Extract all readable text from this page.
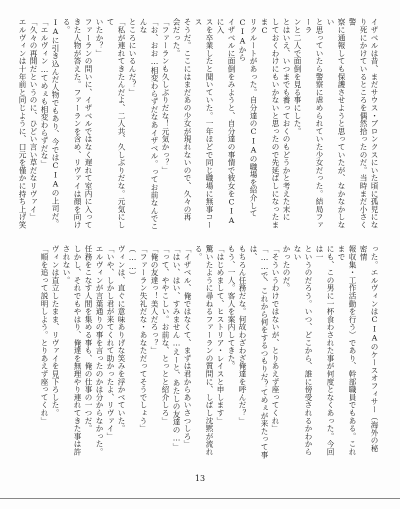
イザベルは昔、まだサウス・ブロンクスにいた頃に孤児にな
り死にかけているところを偶然拾ったのだ。当時まだ小さく警
察に通報しても保護させようと思っていたが、なかなかしない
と思っていたら警察に虐められていた少女だった。結局ファーラ
ンと二人で面倒を見る事にした。
とはいえ、いつまでも養っておくのもどうかと考えた末に
しておくわけにもいかないと思ったので先延ばしになったままC
リクルートがあった。自分達のCIAの職場を紹介してCIAから
イザベルに面倒をみようと、自分達の事情で彼女をCIAに入
スを卒業したと聞いていた。一年ほどで同じ職場に無事コース
そうだ。ここにはまだあの少女が現れないので、久々の再
会だった。
「ファーランも久しぶりだな！元気かっ？」
「お、おお…相変わらずだなあイザベル。ってお前なんでこんな
ところにいるんだ？」
「私が連れてきたんだよ、二人共、久しぶりだな。元気にして
いたか？」
ファーランの問いに、イザベルではなく遅れて室内に入って
きた人物が答えた。ファーランを含め、リヴァイは顔を向ける。
IAに引き込んだ人物でもあり、今ではCIAの上司だ。
「エルヴィン…てめぇも相変わらずだな」
「久々の再開だというのに、ひどい言い草だなリヴァイ」
エルヴィンは十年前と同じように、口元を僅かに持ち上げ笑
った。エルヴィンはCIAのケースオフィサー（海外の秘密情
報収集・工作活動を行う）であり、幹部職員でもある。これまで
にも、この男に一杯食わされた事が何度となくあった。今回は一
というのだろう。いつ、どこから、誰に傍受されるかわからない
かったのだ。
「そういうわけではないが、とりあえず座ってくれ」
「……で、これから何をするつもりだ？てめぇが来たって事は、
もちろん任務だな。何故わざわざ俺達を呼んだ？」
もう、一人。客人を案内してきた。
「はじめまして、ヒストリア・レイスと申します」
驚いたように尋ねるファーランの質問に、しばし沈黙が流れ
る。
「イザベル、俺ではなくて、まずは君からあいさつしろ」
「はい、はい、すみません…えーと、あたしの友達の…」
「って、ややこしい。お前な、とっとと紹介しろ」
「俺の友達っ！美人だろっ？」
「ファーラン失礼だな・あなただってそうでしょう」
（……）
ヴィンは、直ぐに意味ありげな笑みを浮かべていた。
「いや、しかし君が来てくれて助かったよ、リヴァイ」
エルヴィンが言葉通りの事を言ったのかは分からなかった。
任務をこなす人間を集める事も、俺の仕事の一つだ。
しかし、それでもやはり、俺達を無理やり連れてきた事は許されない。
ヴィンは直立したまま、リヴァイを見下ろした。
「順を追って説明しよう。とりあえず座ってくれ」
13
